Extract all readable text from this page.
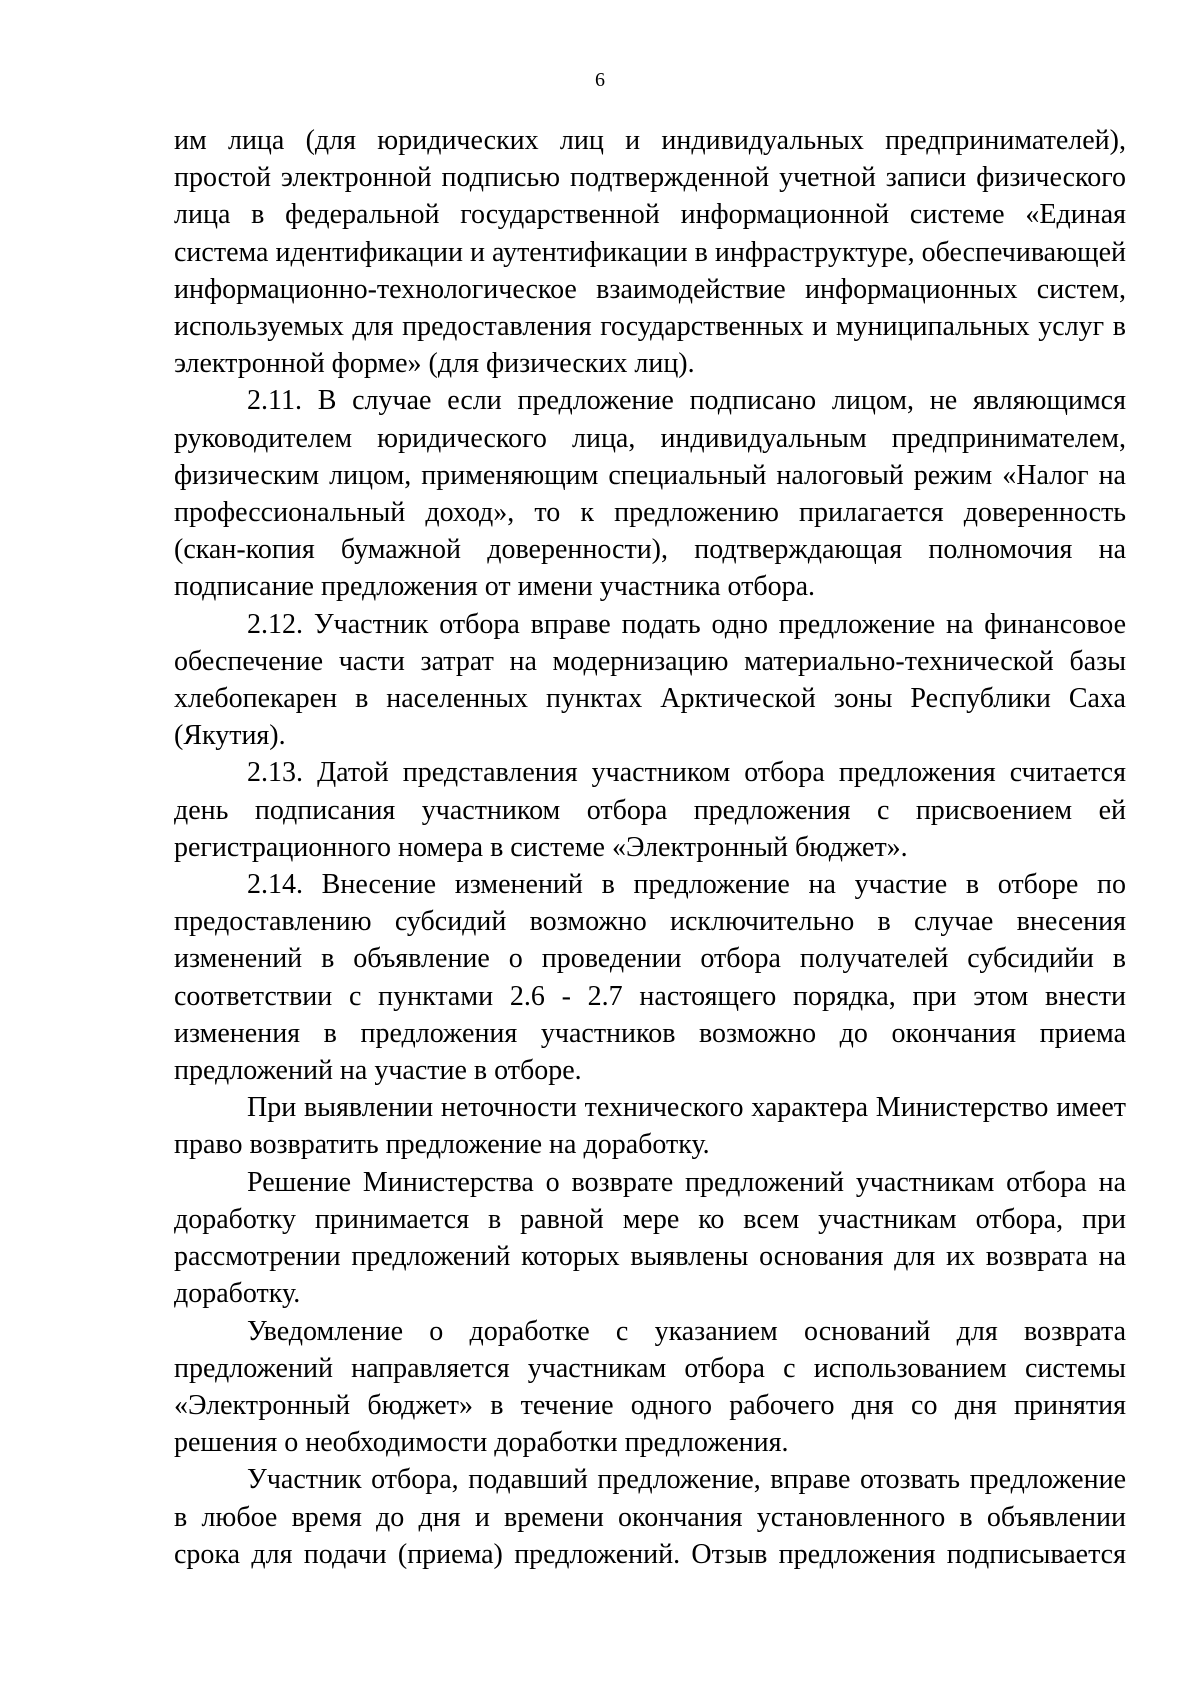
6

им лица (для юридических лиц и индивидуальных предпринимателей), простой электронной подписью подтвержденной учетной записи физического лица в федеральной государственной информационной системе «Единая система идентификации и аутентификации в инфраструктуре, обеспечивающей информационно-технологическое взаимодействие информационных систем, используемых для предоставления государственных и муниципальных услуг в электронной форме» (для физических лиц).

2.11. В случае если предложение подписано лицом, не являющимся руководителем юридического лица, индивидуальным предпринимателем, физическим лицом, применяющим специальный налоговый режим «Налог на профессиональный доход», то к предложению прилагается доверенность (скан-копия бумажной доверенности), подтверждающая полномочия на подписание предложения от имени участника отбора.

2.12. Участник отбора вправе подать одно предложение на финансовое обеспечение части затрат на модернизацию материально-технической базы хлебопекарен в населенных пунктах Арктической зоны Республики Саха (Якутия).

2.13. Датой представления участником отбора предложения считается день подписания участником отбора предложения с присвоением ей регистрационного номера в системе «Электронный бюджет».

2.14. Внесение изменений в предложение на участие в отборе по предоставлению субсидий возможно исключительно в случае внесения изменений в объявление о проведении отбора получателей субсидийи в соответствии с пунктами 2.6 - 2.7 настоящего порядка, при этом внести изменения в предложения участников возможно до окончания приема предложений на участие в отборе.

При выявлении неточности технического характера Министерство имеет право возвратить предложение на доработку.

Решение Министерства о возврате предложений участникам отбора на доработку принимается в равной мере ко всем участникам отбора, при рассмотрении предложений которых выявлены основания для их возврата на доработку.

Уведомление о доработке с указанием оснований для возврата предложений направляется участникам отбора с использованием системы «Электронный бюджет» в течение одного рабочего дня со дня принятия решения о необходимости доработки предложения.

Участник отбора, подавший предложение, вправе отозвать предложение в любое время до дня и времени окончания установленного в объявлении срока для подачи (приема) предложений. Отзыв предложения подписывается
